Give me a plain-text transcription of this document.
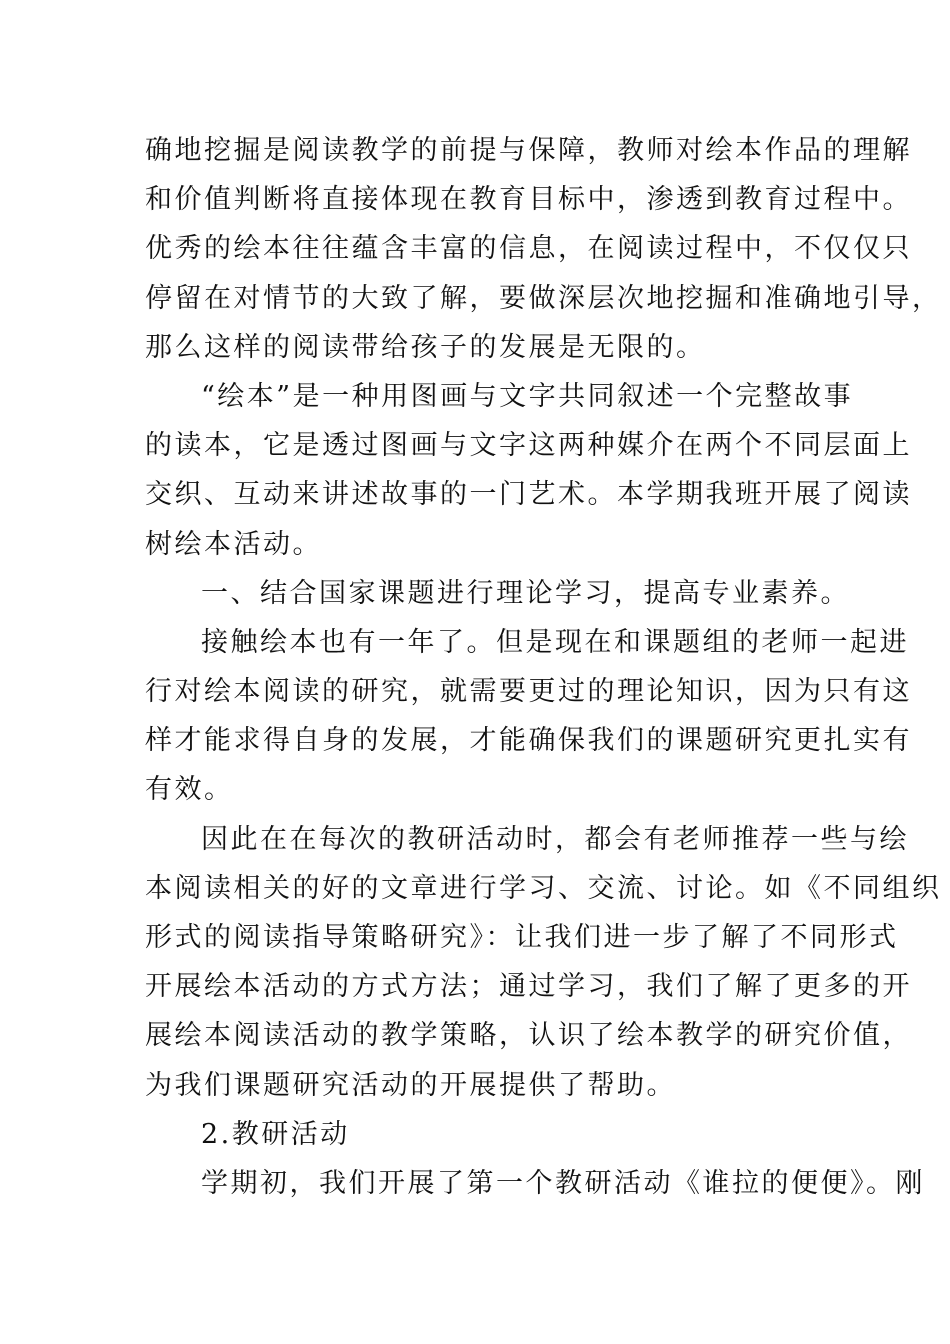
确地挖掘是阅读教学的前提与保障，教师对绘本作品的理解
和价值判断将直接体现在教育目标中，渗透到教育过程中。
优秀的绘本往往蕴含丰富的信息，在阅读过程中，不仅仅只
停留在对情节的大致了解，要做深层次地挖掘和准确地引导，
那么这样的阅读带给孩子的发展是无限的。
“绘本”是一种用图画与文字共同叙述一个完整故事
的读本，它是透过图画与文字这两种媒介在两个不同层面上
交织、互动来讲述故事的一门艺术。本学期我班开展了阅读
树绘本活动。
一、结合国家课题进行理论学习，提高专业素养。
接触绘本也有一年了。但是现在和课题组的老师一起进
行对绘本阅读的研究，就需要更过的理论知识，因为只有这
样才能求得自身的发展，才能确保我们的课题研究更扎实有
有效。
因此在在每次的教研活动时，都会有老师推荐一些与绘
本阅读相关的好的文章进行学习、交流、讨论。如《不同组织
形式的阅读指导策略研究》：让我们进一步了解了不同形式
开展绘本活动的方式方法；通过学习，我们了解了更多的开
展绘本阅读活动的教学策略，认识了绘本教学的研究价值，
为我们课题研究活动的开展提供了帮助。
2.教研活动
学期初，我们开展了第一个教研活动《谁拉的便便》。刚
